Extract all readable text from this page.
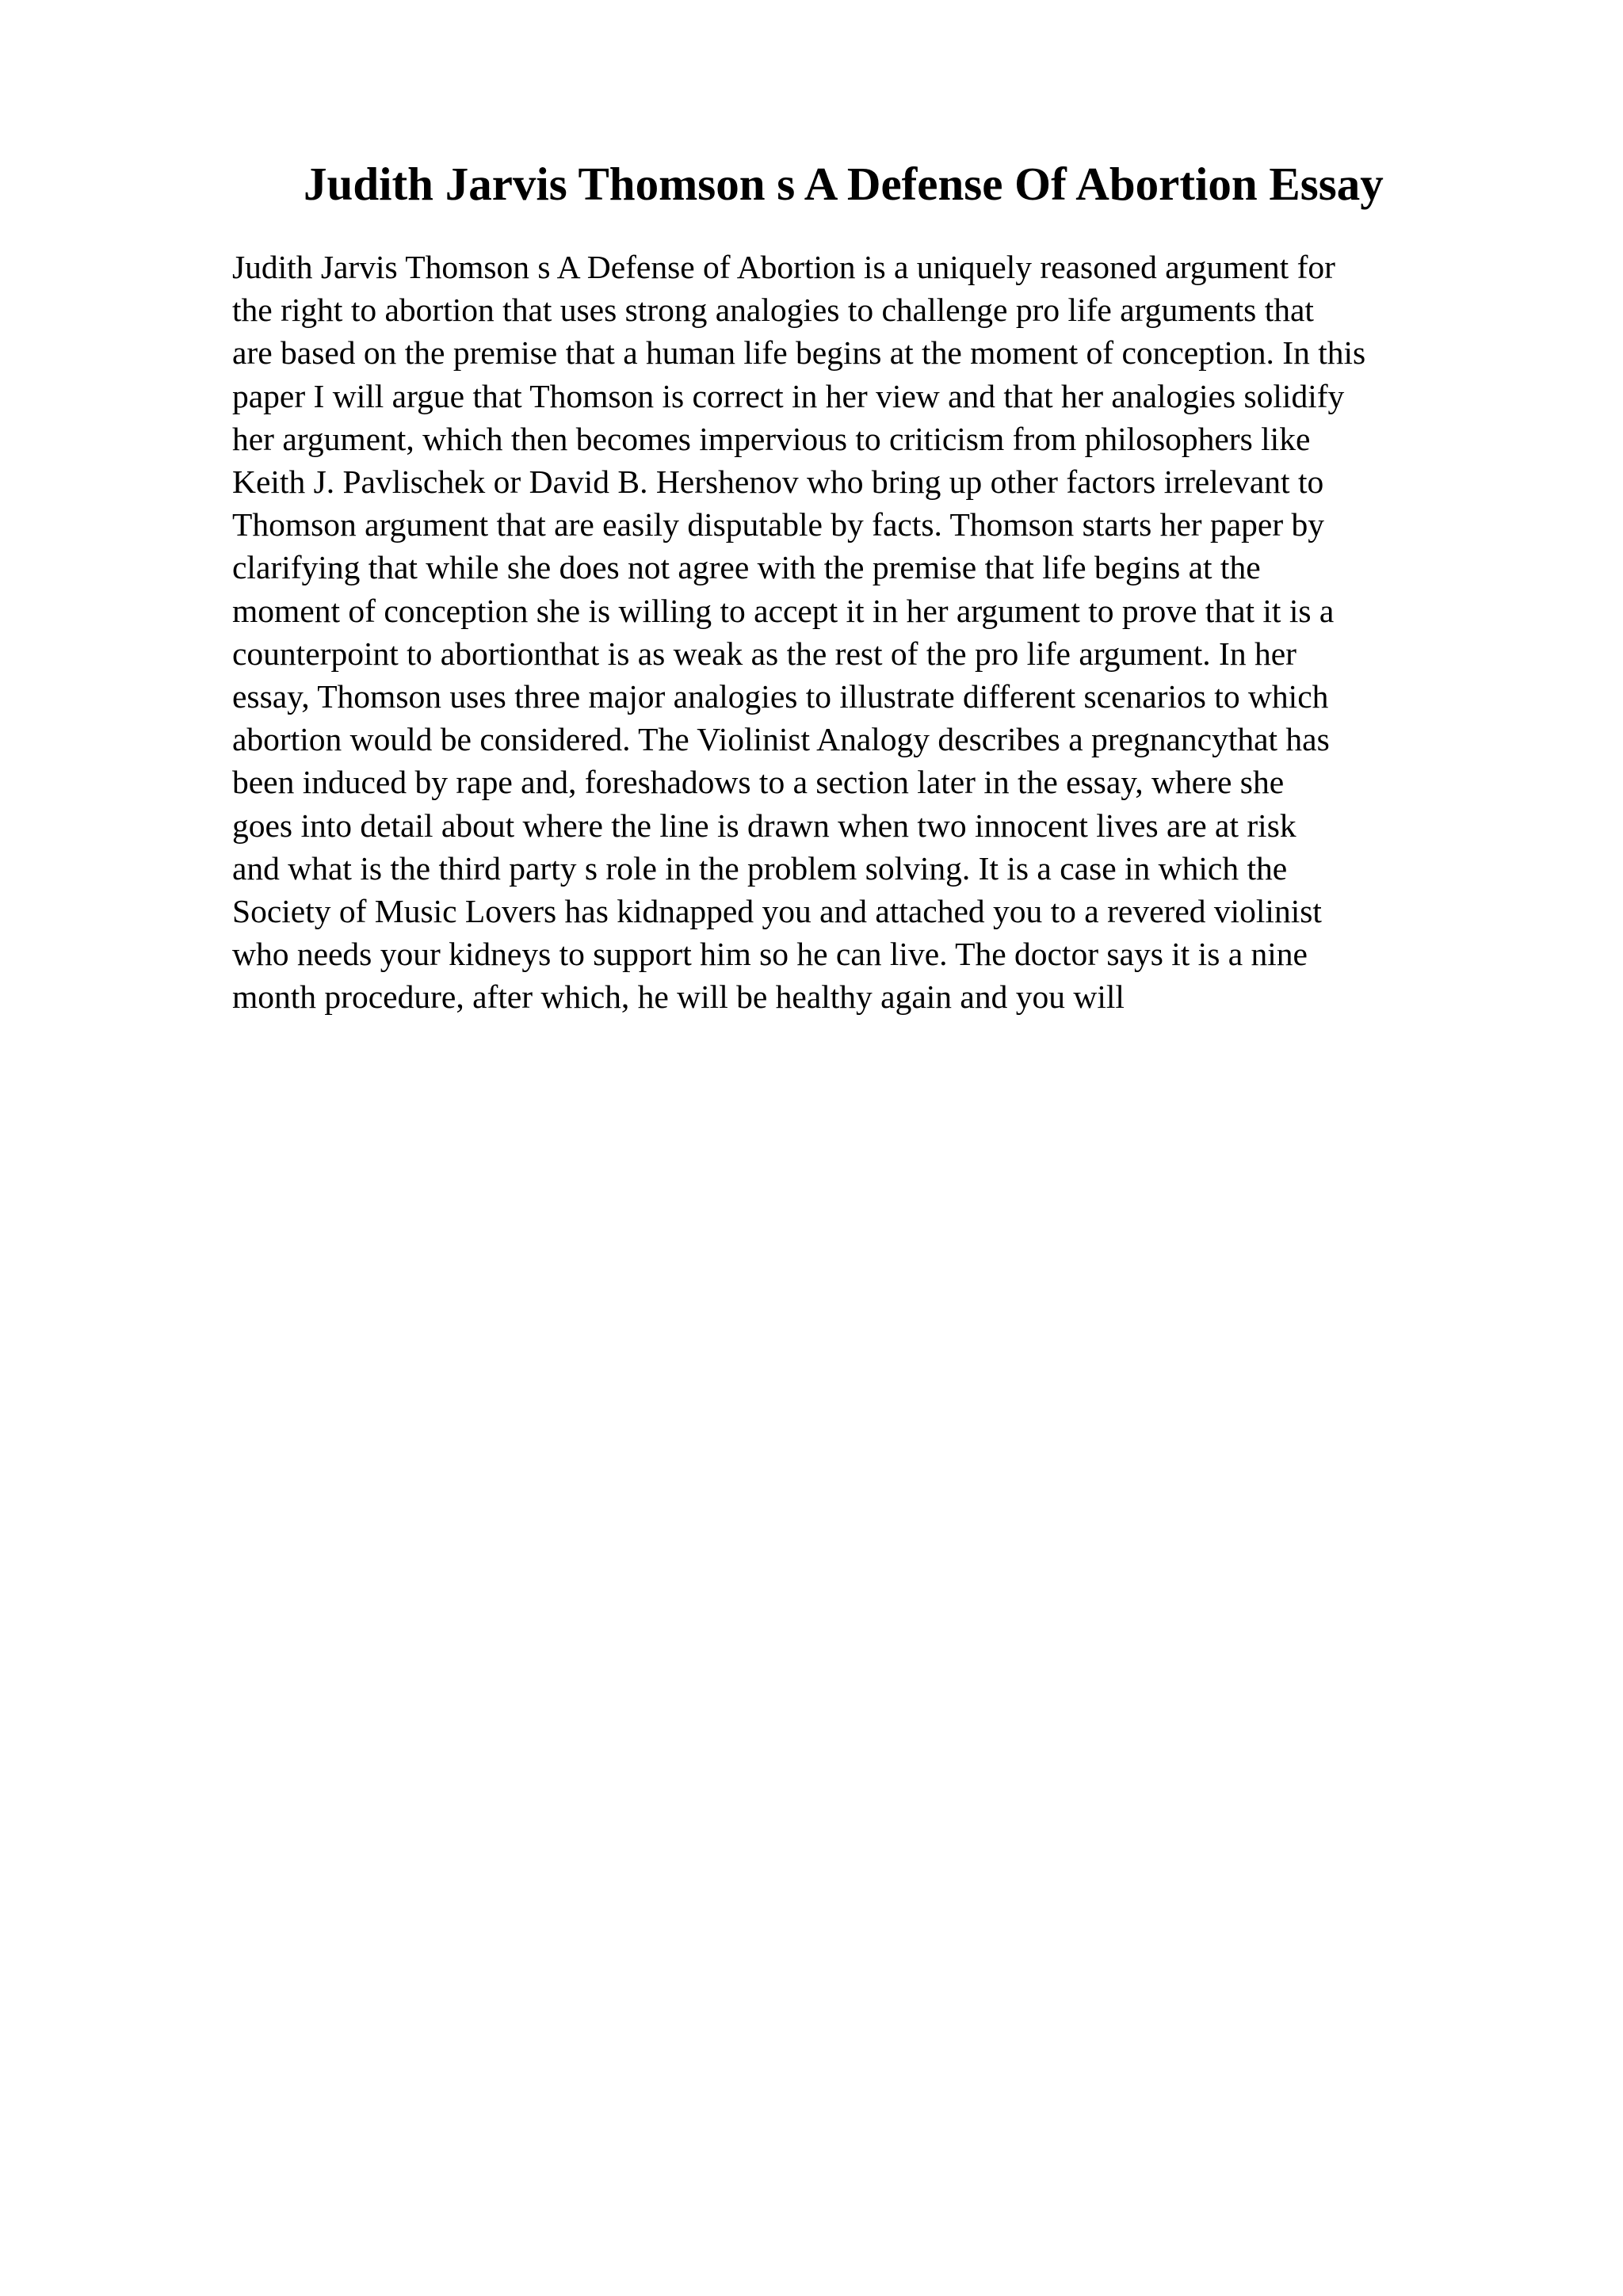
Judith Jarvis Thomson s A Defense Of Abortion Essay
Judith Jarvis Thomson s A Defense of Abortion is a uniquely reasoned argument for
the right to abortion that uses strong analogies to challenge pro life arguments that
are based on the premise that a human life begins at the moment of conception. In this
paper I will argue that Thomson is correct in her view and that her analogies solidify
her argument, which then becomes impervious to criticism from philosophers like
Keith J. Pavlischek or David B. Hershenov who bring up other factors irrelevant to
Thomson argument that are easily disputable by facts. Thomson starts her paper by
clarifying that while she does not agree with the premise that life begins at the
moment of conception she is willing to accept it in her argument to prove that it is a
counterpoint to abortionthat is as weak as the rest of the pro life argument. In her
essay, Thomson uses three major analogies to illustrate different scenarios to which
abortion would be considered. The Violinist Analogy describes a pregnancythat has
been induced by rape and, foreshadows to a section later in the essay, where she
goes into detail about where the line is drawn when two innocent lives are at risk
and what is the third party s role in the problem solving. It is a case in which the
Society of Music Lovers has kidnapped you and attached you to a revered violinist
who needs your kidneys to support him so he can live. The doctor says it is a nine
month procedure, after which, he will be healthy again and you will
